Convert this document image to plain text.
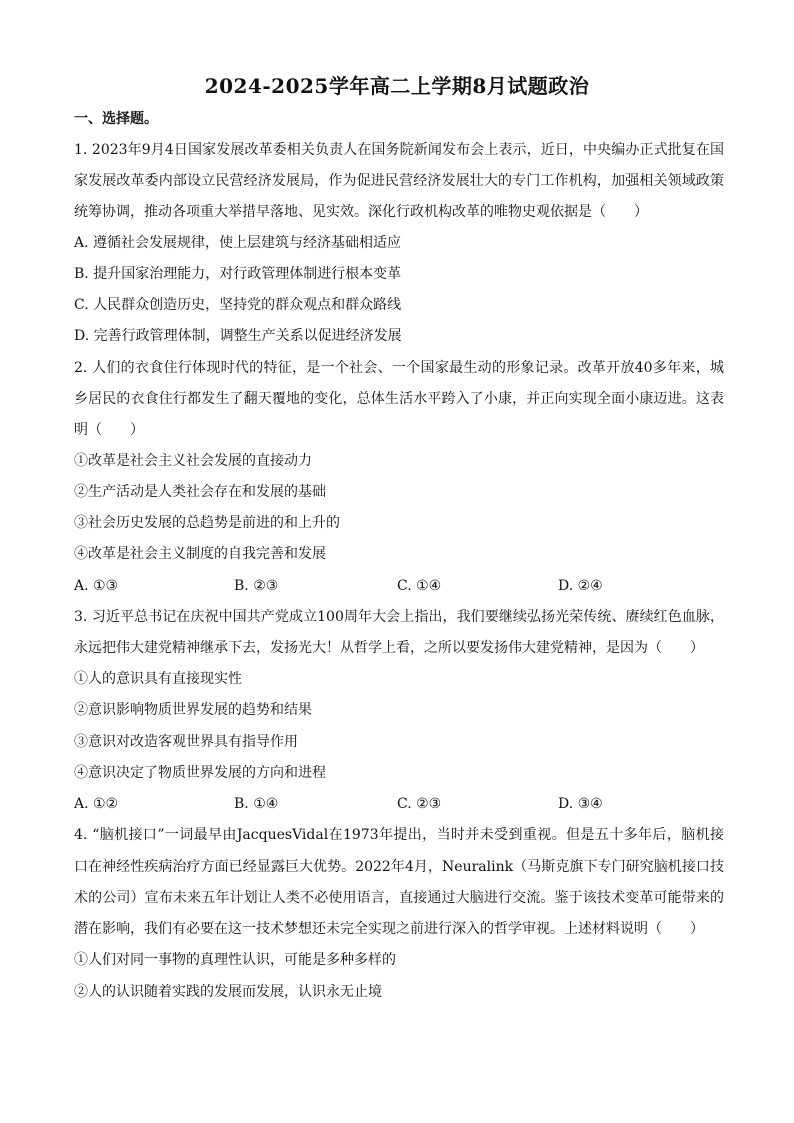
2024-2025学年高二上学期8月试题政治
一、选择题。
1. 2023年9月4日国家发展改革委相关负责人在国务院新闻发布会上表示，近日，中央编办正式批复在国
家发展改革委内部设立民营经济发展局，作为促进民营经济发展壮大的专门工作机构，加强相关领域政策
统筹协调，推动各项重大举措早落地、见实效。深化行政机构改革的唯物史观依据是（　　）
A. 遵循社会发展规律，使上层建筑与经济基础相适应
B. 提升国家治理能力，对行政管理体制进行根本变革
C. 人民群众创造历史，坚持党的群众观点和群众路线
D. 完善行政管理体制，调整生产关系以促进经济发展
2. 人们的衣食住行体现时代的特征，是一个社会、一个国家最生动的形象记录。改革开放40多年来，城
乡居民的衣食住行都发生了翻天覆地的变化，总体生活水平跨入了小康，并正向实现全面小康迈进。这表
明（　　）
①改革是社会主义社会发展的直接动力
②生产活动是人类社会存在和发展的基础
③社会历史发展的总趋势是前进的和上升的
④改革是社会主义制度的自我完善和发展
A. ①③	B. ②③	C. ①④	D. ②④
3. 习近平总书记在庆祝中国共产党成立100周年大会上指出，我们要继续弘扬光荣传统、赓续红色血脉，
永远把伟大建党精神继承下去，发扬光大！从哲学上看，之所以要发扬伟大建党精神，是因为（　　）
①人的意识具有直接现实性
②意识影响物质世界发展的趋势和结果
③意识对改造客观世界具有指导作用
④意识决定了物质世界发展的方向和进程
A. ①②	B. ①④	C. ②③	D. ③④
4. “脑机接口”一词最早由JacquesVidal在1973年提出，当时并未受到重视。但是五十多年后，脑机接
口在神经性疾病治疗方面已经显露巨大优势。2022年4月，Neuralink（马斯克旗下专门研究脑机接口技
术的公司）宣布未来五年计划让人类不必使用语言，直接通过大脑进行交流。鉴于该技术变革可能带来的
潜在影响，我们有必要在这一技术梦想还未完全实现之前进行深入的哲学审视。上述材料说明（　　）
①人们对同一事物的真理性认识，可能是多种多样的
②人的认识随着实践的发展而发展，认识永无止境
